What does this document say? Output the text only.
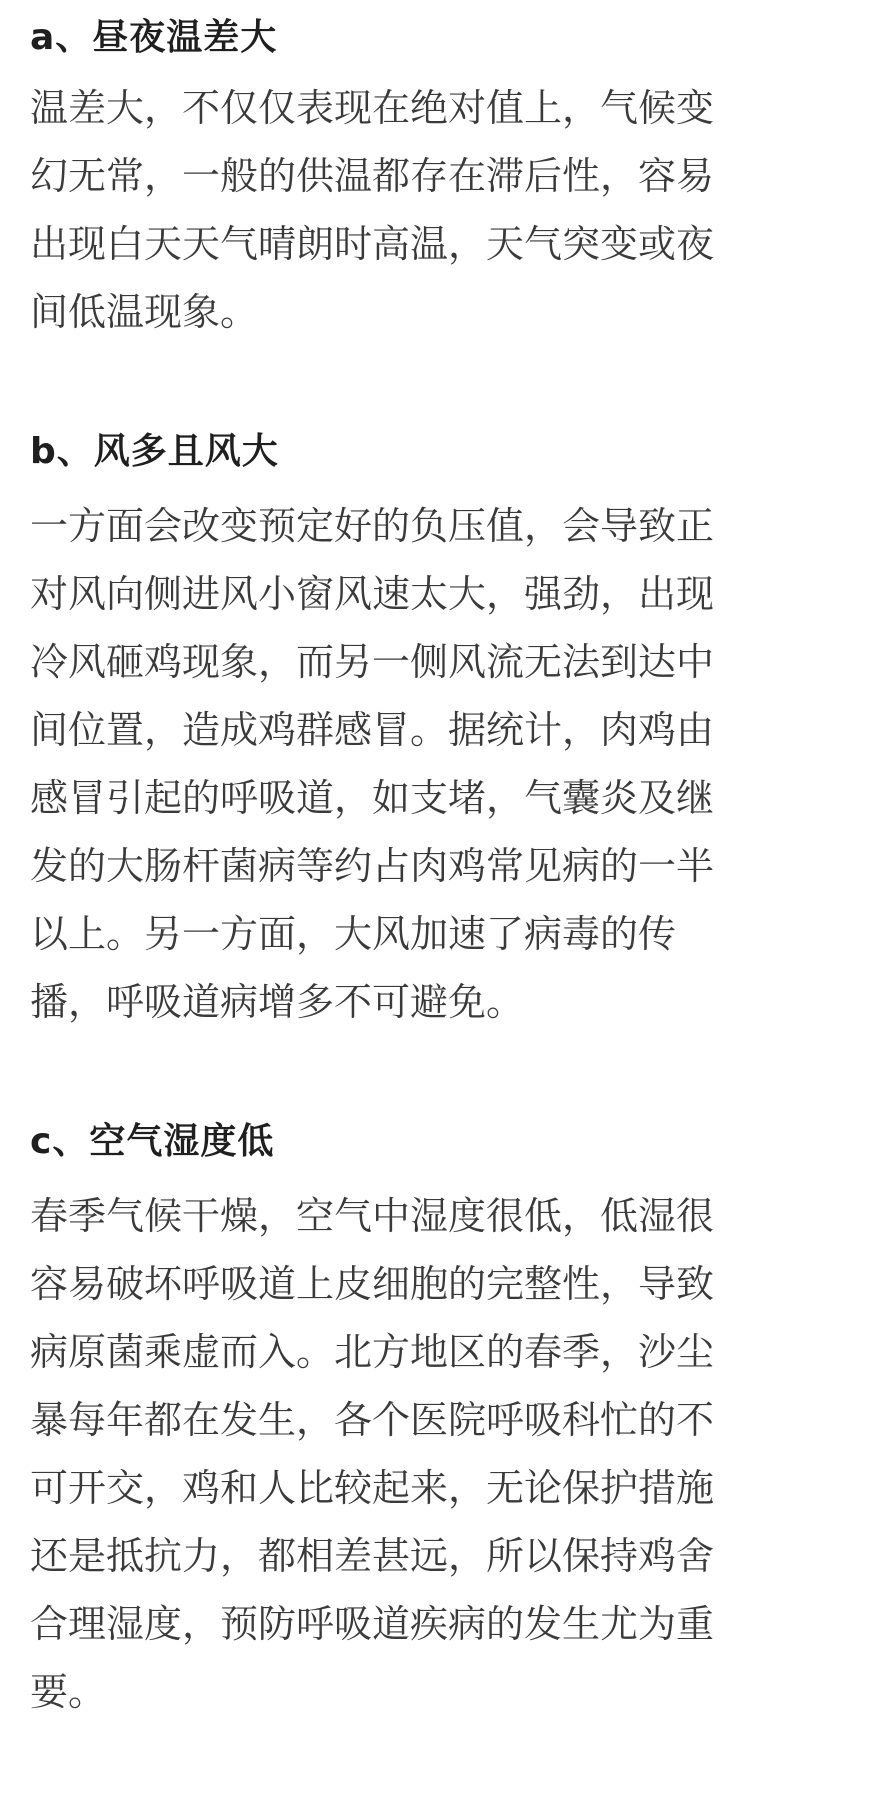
a、昼夜温差大

温差大，不仅仅表现在绝对值上，气候变
幻无常，一般的供温都存在滞后性，容易
出现白天天气晴朗时高温，天气突变或夜
间低温现象。

b、风多且风大

一方面会改变预定好的负压值，会导致正
对风向侧进风小窗风速太大，强劲，出现
冷风砸鸡现象，而另一侧风流无法到达中
间位置，造成鸡群感冒。据统计，肉鸡由
感冒引起的呼吸道，如支堵，气囊炎及继
发的大肠杆菌病等约占肉鸡常见病的一半
以上。另一方面，大风加速了病毒的传
播，呼吸道病增多不可避免。

c、空气湿度低

春季气候干燥，空气中湿度很低，低湿很
容易破坏呼吸道上皮细胞的完整性，导致
病原菌乘虚而入。北方地区的春季，沙尘
暴每年都在发生，各个医院呼吸科忙的不
可开交，鸡和人比较起来，无论保护措施
还是抵抗力，都相差甚远，所以保持鸡舍
合理湿度，预防呼吸道疾病的发生尤为重
要。
